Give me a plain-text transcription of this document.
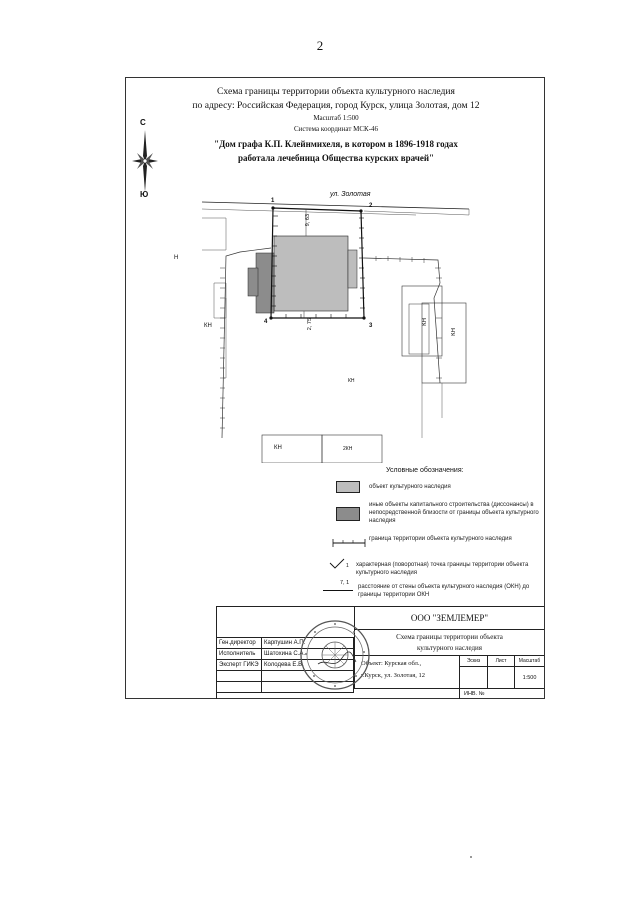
2
Схема границы территории объекта культурного наследия
по адресу: Российская Федерация, город Курск, улица Золотая, дом 12
Масштаб 1:500
Система координат МСК-46
"Дом графа К.П. Клейнмихеля, в котором в 1896-1918 годах
работала лечебница Общества курских врачей"
С
Ю	ул. Золотая
1
2
3
4
9, 63
2, 75
Н
КН
КН
КН
КН	2КН
КН
Условные обозначения:
объект культурного наследия
иные объекты капитального строительства (диссонансы) в непосредственной близости от границы объекта культурного наследия
граница территории объекта культурного наследия
1 характерная (поворотная) точка границы территории объекта культурного наследия
7, 1
расстояние от стены объекта культурного наследия (ОКН) до границы территории ОКН
ООО "ЗЕМЛЕМЕР"
Схема границы территории объекта
культурного наследия
Ген.директор	Карпушин А.П.
Исполнитель	Шатохина С.А.
Эксперт ГИКЭ	Колодева Е.В.

		Объект: Курская обл.,
г.Курск, ул. Золотая, 12
Эскиз	Лист	Масштаб
1:500
ИНВ. №
